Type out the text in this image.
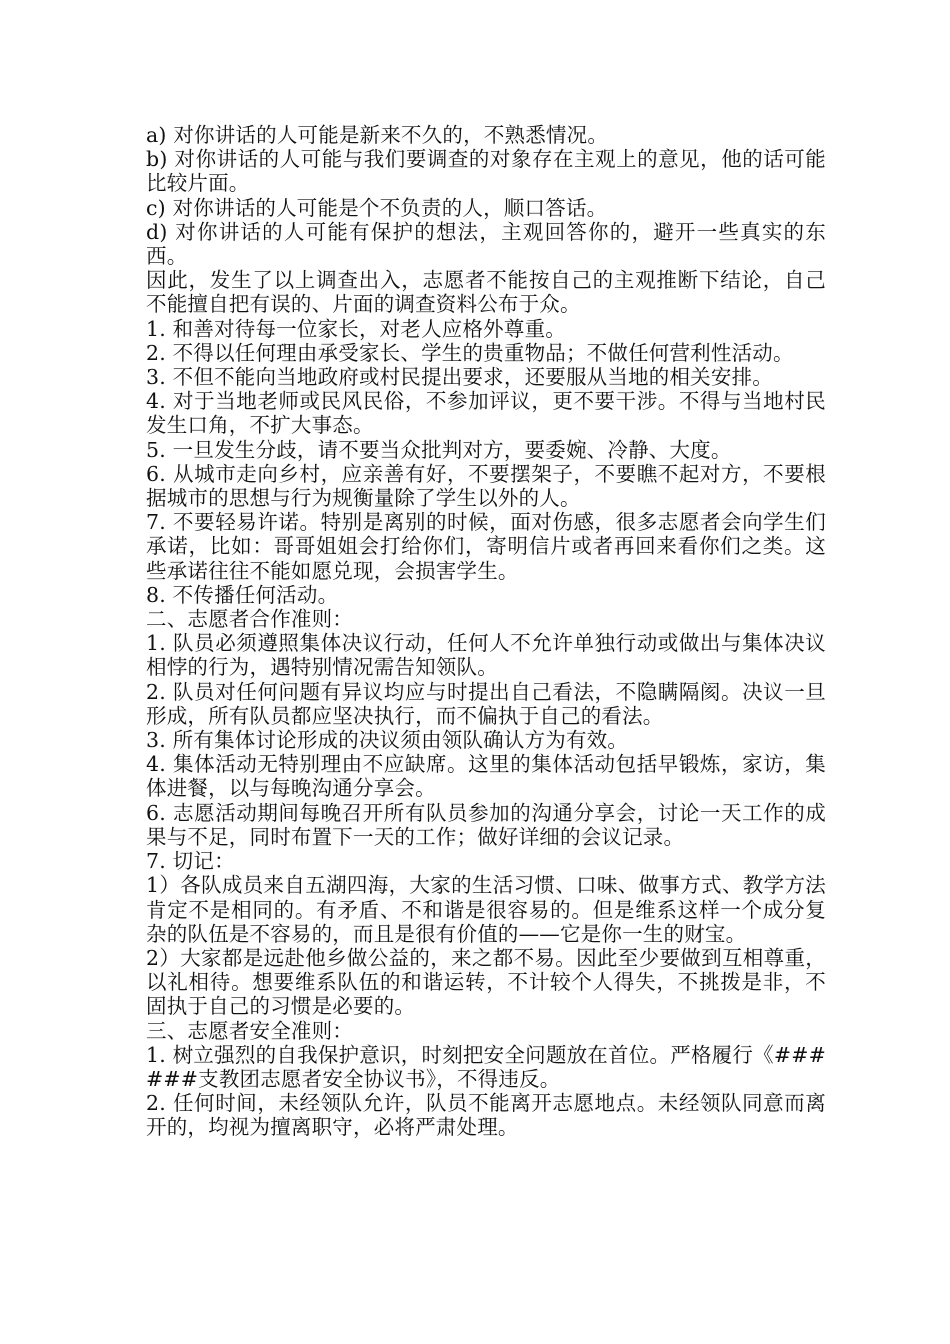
a) 对你讲话的人可能是新来不久的，不熟悉情况。

b) 对你讲话的人可能与我们要调查的对象存在主观上的意见，他的话可能比较片面。

c) 对你讲话的人可能是个不负责的人，顺口答话。

d) 对你讲话的人可能有保护的想法，主观回答你的，避开一些真实的东西。

因此，发生了以上调查出入，志愿者不能按自己的主观推断下结论，自己不能擅自把有误的、片面的调查资料公布于众。

1. 和善对待每一位家长，对老人应格外尊重。

2. 不得以任何理由承受家长、学生的贵重物品；不做任何营利性活动。

3. 不但不能向当地政府或村民提出要求，还要服从当地的相关安排。

4. 对于当地老师或民风民俗，不参加评议，更不要干涉。不得与当地村民发生口角，不扩大事态。

5. 一旦发生分歧，请不要当众批判对方，要委婉、冷静、大度。

6. 从城市走向乡村，应亲善有好，不要摆架子，不要瞧不起对方，不要根据城市的思想与行为规衡量除了学生以外的人。

7. 不要轻易许诺。特别是离别的时候，面对伤感，很多志愿者会向学生们承诺，比如：哥哥姐姐会打给你们，寄明信片或者再回来看你们之类。这些承诺往往不能如愿兑现，会损害学生。

8. 不传播任何活动。

二、志愿者合作准则：

1. 队员必须遵照集体决议行动，任何人不允许单独行动或做出与集体决议相悖的行为，遇特别情况需告知领队。

2. 队员对任何问题有异议均应与时提出自己看法，不隐瞒隔阂。决议一旦形成，所有队员都应坚决执行，而不偏执于自己的看法。

3. 所有集体讨论形成的决议须由领队确认方为有效。

4. 集体活动无特别理由不应缺席。这里的集体活动包括早锻炼，家访，集体进餐，以与每晚沟通分享会。

6. 志愿活动期间每晚召开所有队员参加的沟通分享会，讨论一天工作的成果与不足，同时布置下一天的工作；做好详细的会议记录。

7. 切记：

1）各队成员来自五湖四海，大家的生活习惯、口味、做事方式、教学方法肯定不是相同的。有矛盾、不和谐是很容易的。但是维系这样一个成分复杂的队伍是不容易的，而且是很有价值的——它是你一生的财宝。

2）大家都是远赴他乡做公益的，来之都不易。因此至少要做到互相尊重，以礼相待。想要维系队伍的和谐运转，不计较个人得失，不挑拨是非，不固执于自己的习惯是必要的。

三、志愿者安全准则：

1. 树立强烈的自我保护意识，时刻把安全问题放在首位。严格履行《######支教团志愿者安全协议书》，不得违反。

2. 任何时间，未经领队允许，队员不能离开志愿地点。未经领队同意而离开的，均视为擅离职守，必将严肃处理。
